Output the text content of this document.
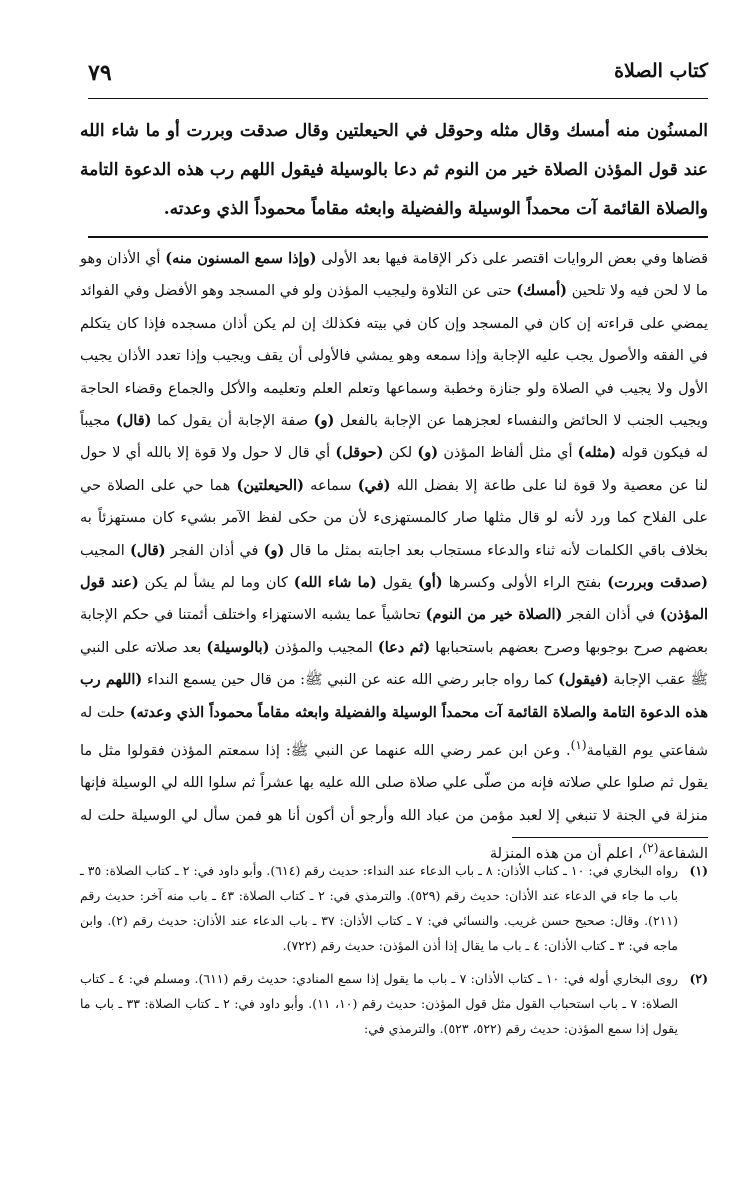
كتاب الصلاة
٧٩
المسنُون منه أمسك وقال مثله وحوقل في الحيعلتين وقال صدقت وبررت أو ما شاء الله عند قول المؤذن الصلاة خير من النوم ثم دعا بالوسيلة فيقول اللهم رب هذه الدعوة التامة والصلاة القائمة آت محمداً الوسيلة والفضيلة وابعثه مقاماً محموداً الذي وعدته.
قضاها وفي بعض الروايات اقتصر على ذكر الإقامة فيها بعد الأولى (وإذا سمع المسنون منه) أي الأذان وهو ما لا لحن فيه ولا تلحين (أمسك) حتى عن التلاوة وليجيب المؤذن ولو في المسجد وهو الأفضل وفي الفوائد يمضي على قراءته إن كان في المسجد وإن كان في بيته فكذلك إن لم يكن أذان مسجده فإذا كان يتكلم في الفقه والأصول يجب عليه الإجابة وإذا سمعه وهو يمشي فالأولى أن يقف ويجيب وإذا تعدد الأذان يجيب الأول ولا يجيب في الصلاة ولو جنازة وخطبة وسماعها وتعلم العلم وتعليمه والأكل والجماع وقضاء الحاجة ويجيب الجنب لا الحائض والنفساء لعجزهما عن الإجابة بالفعل (و) صفة الإجابة أن يقول كما (قال) مجيباً له فيكون قوله (مثله) أي مثل ألفاظ المؤذن (و) لكن (حوقل) أي قال لا حول ولا قوة إلا بالله أي لا حول لنا عن معصية ولا قوة لنا على طاعة إلا بفضل الله (في) سماعه (الحيعلتين) هما حي على الصلاة حي على الفلاح كما ورد لأنه لو قال مثلها صار كالمستهزىء لأن من حكى لفظ الآمر بشيء كان مستهزئاً به بخلاف باقي الكلمات لأنه ثناء والدعاء مستجاب بعد اجابته بمثل ما قال (و) في أذان الفجر (قال) المجيب (صدقت وبررت) بفتح الراء الأولى وكسرها (أو) يقول (ما شاء الله) كان وما لم يشأ لم يكن (عند قول المؤذن) في أذان الفجر (الصلاة خير من النوم) تحاشياً عما يشبه الاستهزاء واختلف أئمتنا في حكم الإجابة بعضهم صرح بوجوبها وصرح بعضهم باستحبابها (ثم دعا) المجيب والمؤذن (بالوسيلة) بعد صلاته على النبي ﷺ عقب الإجابة (فيقول) كما رواه جابر رضي الله عنه عن النبي ﷺ: من قال حين يسمع النداء (اللهم رب هذه الدعوة التامة والصلاة القائمة آت محمداً الوسيلة والفضيلة وابعثه مقاماً محموداً الذي وعدته) حلت له شفاعتي يوم القيامة$^{(١)}$. وعن ابن عمر رضي الله عنهما عن النبي ﷺ: إذا سمعتم المؤذن فقولوا مثل ما يقول ثم صلوا علي صلاته فإنه من صلّى علي صلاة صلى الله عليه بها عشراً ثم سلوا الله لي الوسيلة فإنها منزلة في الجنة لا تنبغي إلا لعبد مؤمن من عباد الله وأرجو أن أكون أنا هو فمن سأل لي الوسيلة حلت له الشفاعة$^{(٢)}$، اعلم أن من هذه المنزلة
(١)
رواه البخاري في: ١٠ ـ كتاب الأذان: ٨ ـ باب الدعاء عند النداء: حديث رقم (٦١٤). وأبو داود في: ٢ ـ كتاب الصلاة: ٣٥ ـ باب ما جاء في الدعاء عند الأذان: حديث رقم (٥٢٩). والترمذي في: ٢ ـ كتاب الصلاة: ٤٣ ـ باب منه آخر: حديث رقم (٢١١). وقال: صحيح حسن غريب. والنسائي في: ٧ ـ كتاب الأذان: ٣٧ ـ باب الدعاء عند الأذان: حديث رقم (٢). وابن ماجه في: ٣ ـ كتاب الأذان: ٤ ـ باب ما يقال إذا أذن المؤذن: حديث رقم (٧٢٢).
(٢)
روى البخاري أوله في: ١٠ ـ كتاب الأذان: ٧ ـ باب ما يقول إذا سمع المنادي: حديث رقم (٦١١). ومسلم في: ٤ ـ كتاب الصلاة: ٧ ـ باب استحباب القول مثل قول المؤذن: حديث رقم (١٠، ١١). وأبو داود في: ٢ ـ كتاب الصلاة: ٣٣ ـ باب ما يقول إذا سمع المؤذن: حديث رقم (٥٢٢، ٥٢٣). والترمذي في:
